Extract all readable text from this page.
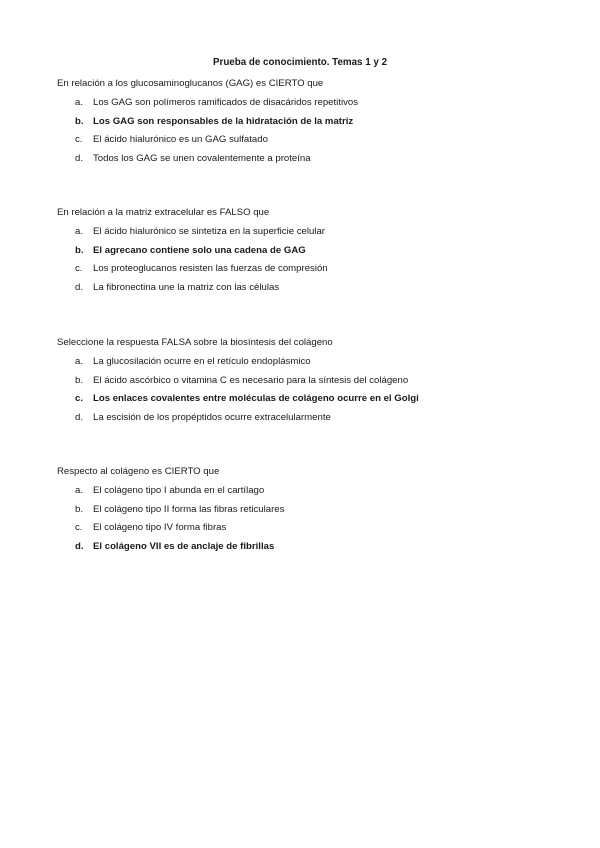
Prueba de conocimiento. Temas 1 y 2

En relación a los glucosaminoglucanos (GAG) es CIERTO que

a.	Los GAG son polímeros ramificados de disacáridos repetitivos
b. Los GAG son responsables de la hidratación de la matriz
c.	El ácido hialurónico es un GAG sulfatado
d.	Todos los GAG se unen covalentemente a proteína

En relación a la matriz extracelular es FALSO que

a.	El ácido hialurónico se sintetiza en la superficie celular
b. El agrecano contiene solo una cadena de GAG
c.	Los proteoglucanos resisten las fuerzas de compresión
d.	La fibronectina une la matriz con las células

Seleccione la respuesta FALSA sobre la biosíntesis del colágeno

a.	La glucosilación ocurre en el retículo endoplásmico
b.	El ácido ascórbico o vitamina C es necesario para la síntesis del colágeno
c.	Los enlaces covalentes entre moléculas de colágeno ocurre en el Golgi
d.	La escisión de los propéptidos ocurre extracelularmente

Respecto al colágeno es CIERTO que

a.	El colágeno tipo I abunda en el cartílago
b.	El colágeno tipo II forma las fibras reticulares
c.	El colágeno tipo IV forma fibras
d. El colágeno VII es de anclaje de fibrillas
